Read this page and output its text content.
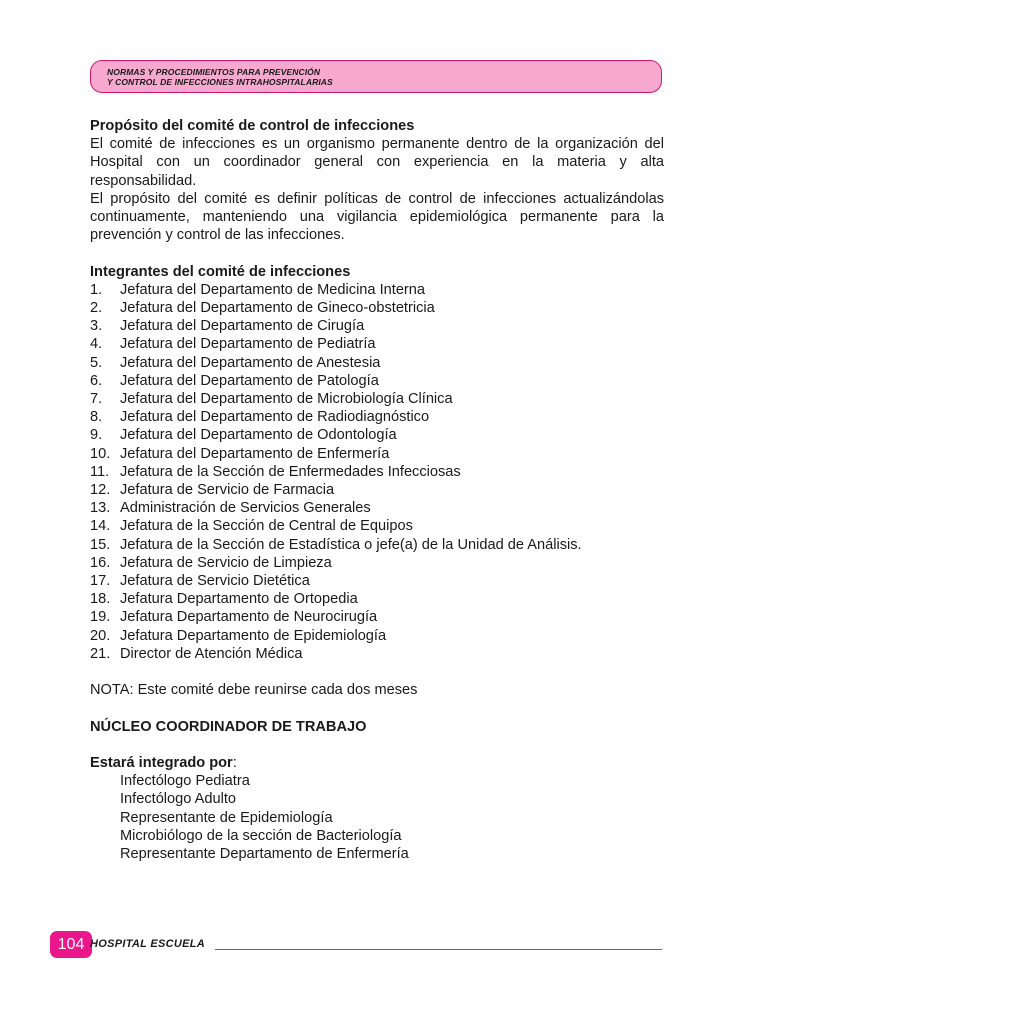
NORMAS Y PROCEDIMIENTOS PARA PREVENCIÓN
Y CONTROL DE INFECCIONES INTRAHOSPITALARIAS

Propósito del comité de control de infecciones

El comité de infecciones es un organismo permanente dentro de la organización del Hospital con un coordinador general con experiencia en la materia y alta responsabilidad.

El propósito del comité es definir políticas de control de infecciones actualizándolas continuamente, manteniendo una vigilancia epidemiológica permanente para la prevención y control de las infecciones.

Integrantes del comité de infecciones

1.	Jefatura del Departamento de Medicina Interna
2.	Jefatura del Departamento de Gineco-obstetricia
3.	Jefatura del Departamento de Cirugía
4.	Jefatura del Departamento de Pediatría
5.	Jefatura del Departamento de Anestesia
6.	Jefatura del Departamento de Patología
7.	Jefatura del Departamento de Microbiología Clínica
8.	Jefatura del Departamento de Radiodiagnóstico
9.	Jefatura del Departamento de Odontología
10. Jefatura del Departamento de Enfermería
11. Jefatura de la Sección de Enfermedades Infecciosas
12. Jefatura de Servicio de Farmacia
13. Administración de Servicios Generales
14. Jefatura de la Sección de Central de Equipos
15. Jefatura de la Sección de Estadística o jefe(a) de la Unidad de Análisis.
16. Jefatura de Servicio de Limpieza
17. Jefatura de Servicio Dietética
18. Jefatura Departamento de Ortopedia
19. Jefatura Departamento de Neurocirugía
20. Jefatura Departamento de Epidemiología
21. Director de Atención Médica

NOTA: Este comité debe reunirse cada dos meses

NÚCLEO COORDINADOR DE TRABAJO

Estará integrado por:

Infectólogo Pediatra
Infectólogo Adulto
Representante de Epidemiología
Microbiólogo de la sección de Bacteriología
Representante Departamento de Enfermería
104 HOSPITAL ESCUELA
